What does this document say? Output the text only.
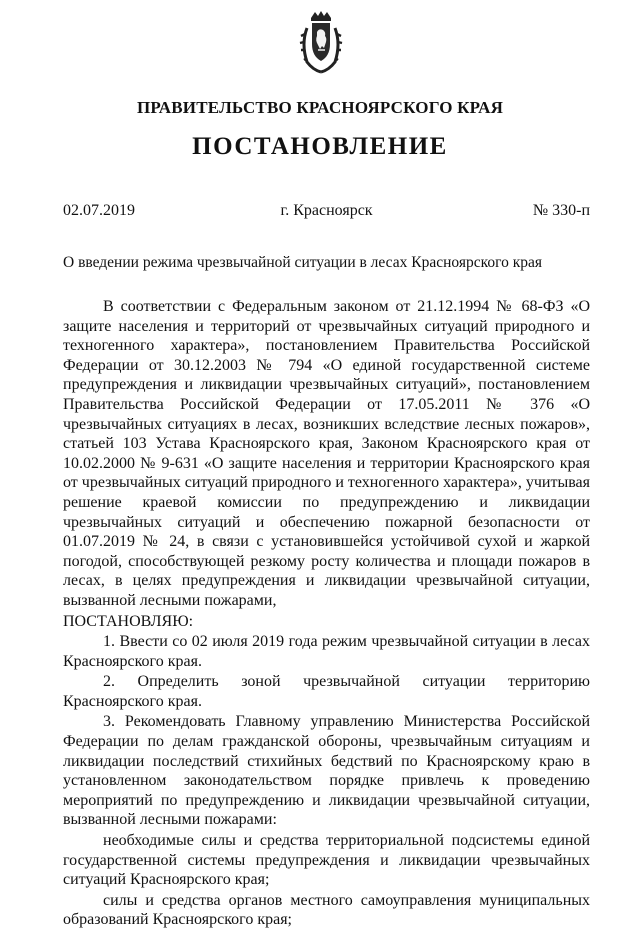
ПРАВИТЕЛЬСТВО КРАСНОЯРСКОГО КРАЯ
ПОСТАНОВЛЕНИЕ
02.07.2019	г. Красноярск	№ 330-п
О введении режима чрезвычайной ситуации в лесах Красноярского края

В соответствии с Федеральным законом от 21.12.1994 № 68-ФЗ «О защите населения и территорий от чрезвычайных ситуаций природного и техногенного характера», постановлением Правительства Российской Федерации от 30.12.2003 № 794 «О единой государственной системе предупреждения и ликвидации чрезвычайных ситуаций», постановлением Правительства Российской Федерации от 17.05.2011 № 376 «О чрезвычайных ситуациях в лесах, возникших вследствие лесных пожаров», статьей 103 Устава Красноярского края, Законом Красноярского края от 10.02.2000 № 9-631 «О защите населения и территории Красноярского края от чрезвычайных ситуаций природного и техногенного характера», учитывая решение краевой комиссии по предупреждению и ликвидации чрезвычайных ситуаций и обеспечению пожарной безопасности от 01.07.2019 № 24, в связи с установившейся устойчивой сухой и жаркой погодой, способствующей резкому росту количества и площади пожаров в лесах, в целях предупреждения и ликвидации чрезвычайной ситуации, вызванной лесными пожарами,

ПОСТАНОВЛЯЮ:

1. Ввести со 02 июля 2019 года режим чрезвычайной ситуации в лесах Красноярского края.

2. Определить зоной чрезвычайной ситуации территорию Красноярского края.

3. Рекомендовать Главному управлению Министерства Российской Федерации по делам гражданской обороны, чрезвычайным ситуациям и ликвидации последствий стихийных бедствий по Красноярскому краю в установленном законодательством порядке привлечь к проведению мероприятий по предупреждению и ликвидации чрезвычайной ситуации, вызванной лесными пожарами:

необходимые силы и средства территориальной подсистемы единой государственной системы предупреждения и ликвидации чрезвычайных ситуаций Красноярского края;

силы и средства органов местного самоуправления муниципальных образований Красноярского края;
